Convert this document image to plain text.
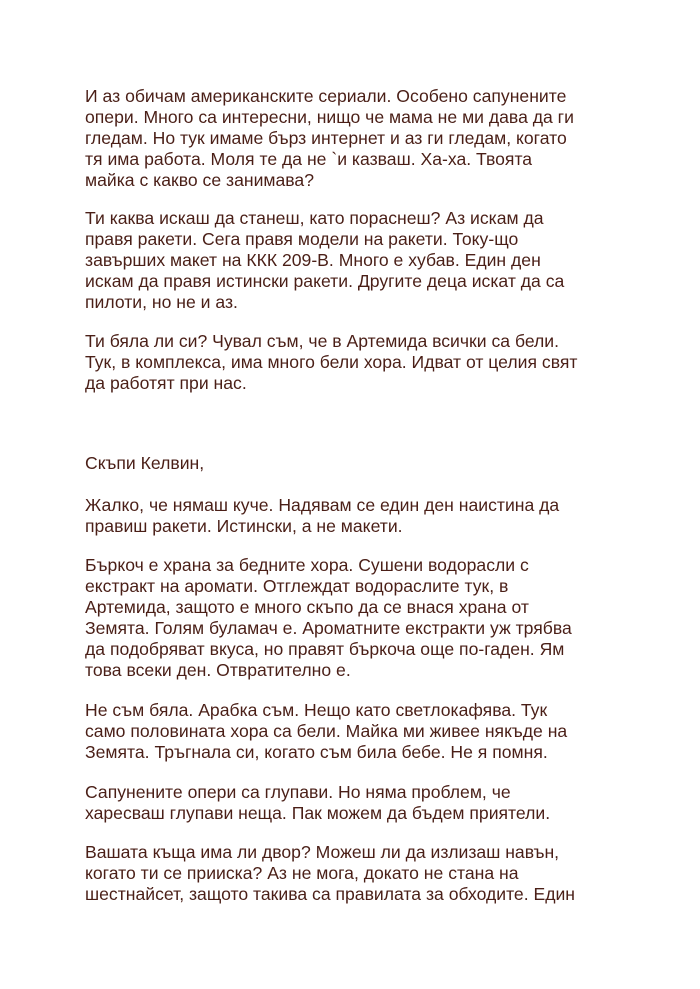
И аз обичам американските сериали. Особено сапунените
опери. Много са интересни, нищо че мама не ми дава да ги
гледам. Но тук имаме бърз интернет и аз ги гледам, когато
тя има работа. Моля те да не `и казваш. Ха-ха. Твоята
майка с какво се занимава?
Ти каква искаш да станеш, като пораснеш? Аз искам да
правя ракети. Сега правя модели на ракети. Току-що
завърших макет на ККК 209-В. Много е хубав. Един ден
искам да правя истински ракети. Другите деца искат да са
пилоти, но не и аз.
Ти бяла ли си? Чувал съм, че в Артемида всички са бели.
Тук, в комплекса, има много бели хора. Идват от целия свят
да работят при нас.
Скъпи Келвин,
Жалко, че нямаш куче. Надявам се един ден наистина да
правиш ракети. Истински, а не макети.
Бъркоч е храна за бедните хора. Сушени водорасли с
екстракт на аромати. Отглеждат водораслите тук, в
Артемида, защото е много скъпо да се внася храна от
Земята. Голям буламач е. Ароматните екстракти уж трябва
да подобряват вкуса, но правят бъркоча още по-гаден. Ям
това всеки ден. Отвратително е.
Не съм бяла. Арабка съм. Нещо като светлокафява. Тук
само половината хора са бели. Майка ми живее някъде на
Земята. Тръгнала си, когато съм била бебе. Не я помня.
Сапунените опери са глупави. Но няма проблем, че
харесваш глупави неща. Пак можем да бъдем приятели.
Вашата къща има ли двор? Можеш ли да излизаш навън,
когато ти се прииска? Аз не мога, докато не стана на
шестнайсет, защото такива са правилата за обходите. Един
